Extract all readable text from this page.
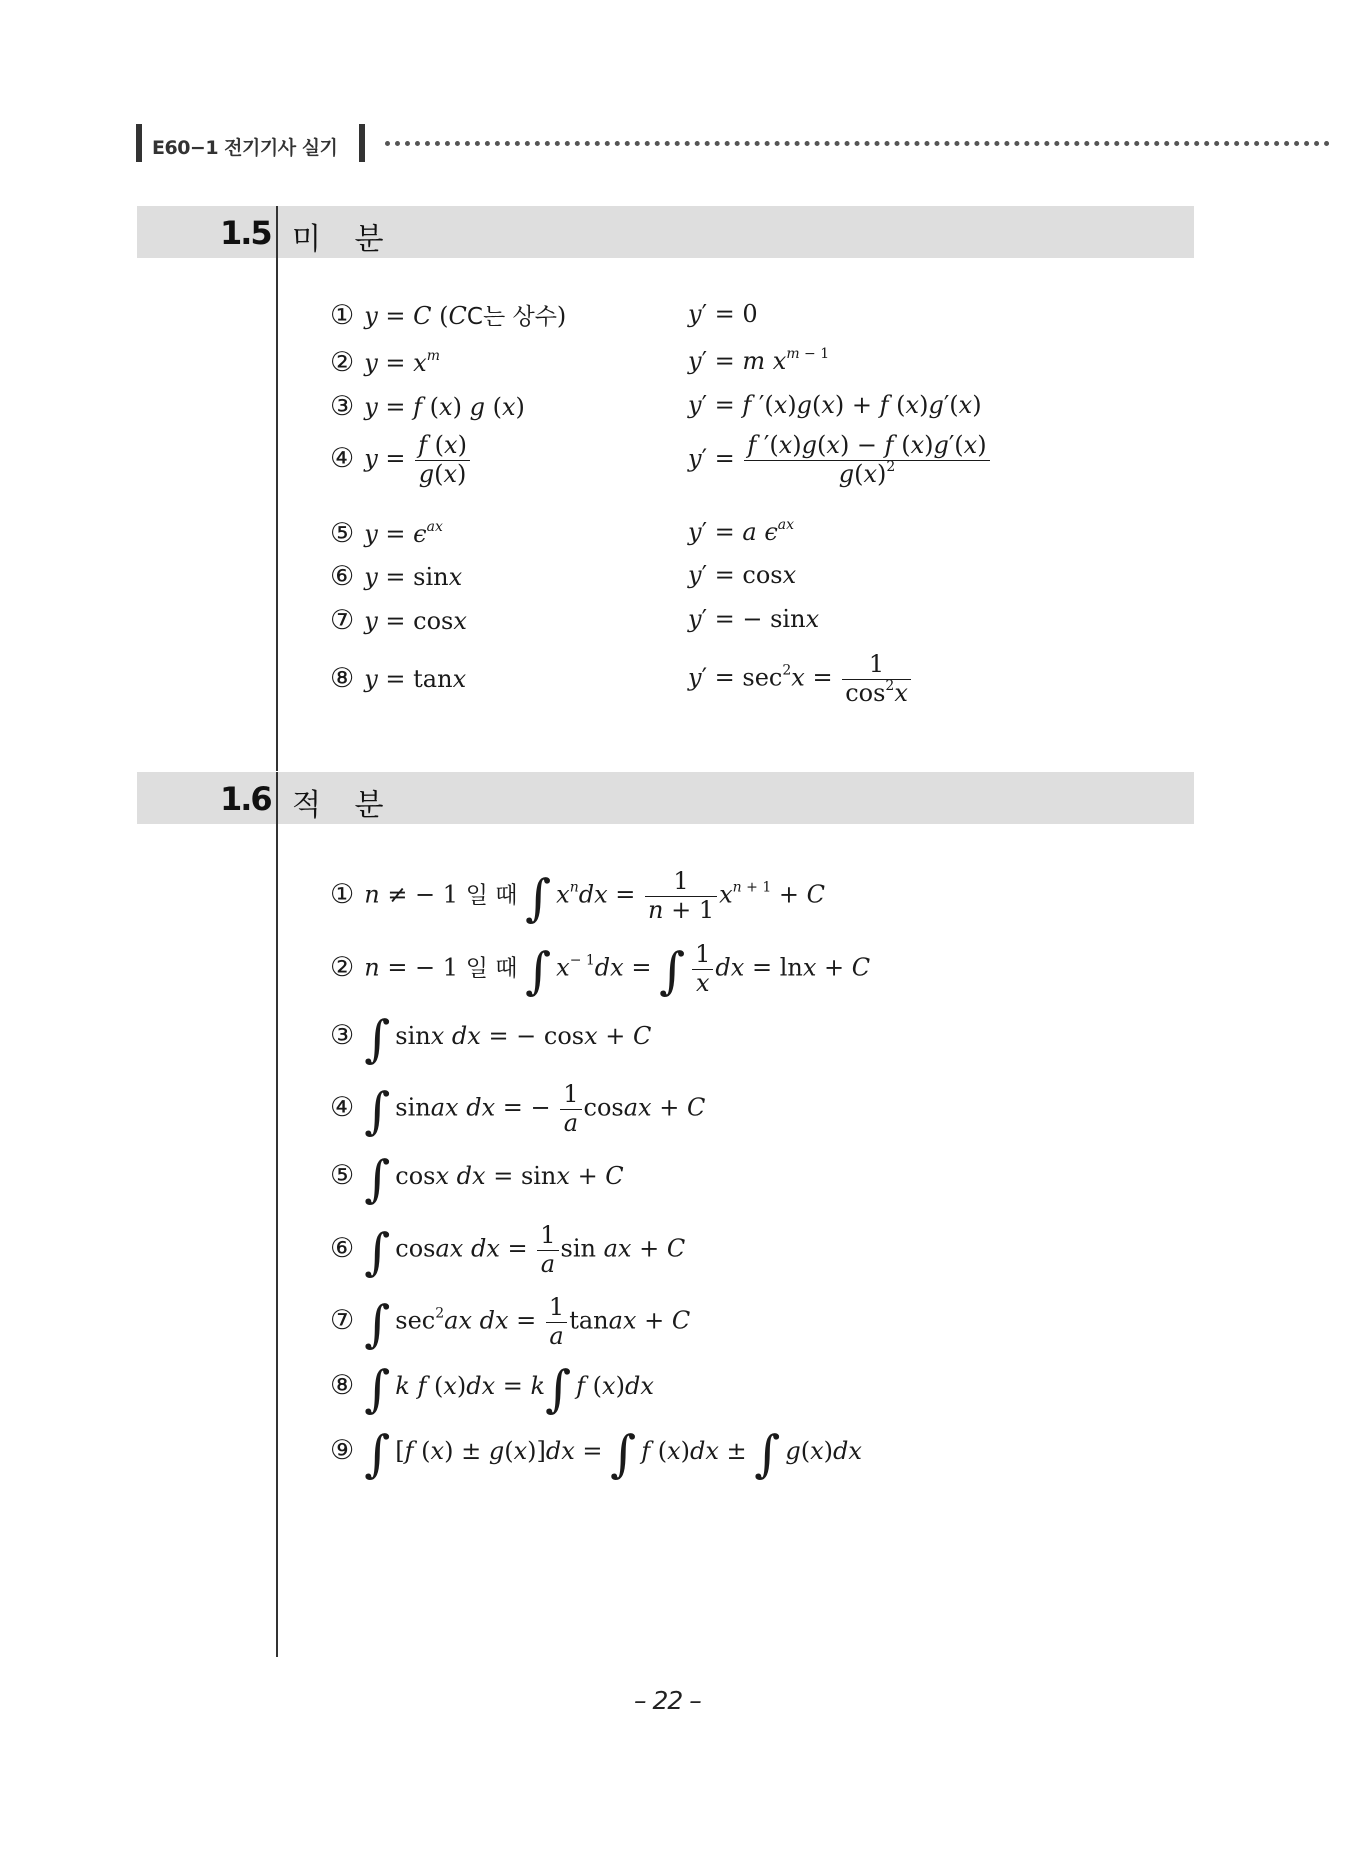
E60−1 전기기사 실기
1.5 미 분
① y = C (CC는 상수)
② $y = x^m$
③ y = f (x) g (x)
④ $y = \frac{f (x)}{g(x)}$
⑤ $y = \epsilon^{ax}$
⑥ y = sinx
⑦ y = cosx
⑧ y = tanx
y′ = 0
y′ = m $x^{m - 1}$
y′ = f ′(x)g(x) + f (x)g′(x)
$y' = \frac{f '(x)g(x) - f (x)g'(x)}{g(x)^2}$
y′ = a $\epsilon^{ax}$
y′ = cosx
y′ = − sinx
$y' = \sec^2x = \frac{1}{\cos^2x}$
1.6 적 분
① n ≠ − 1 일 때 ∫ $x^ndx = \frac{1}{n + 1} x^{n + 1} + C$
② n = − 1 일 때 ∫ $x^{- 1}dx$ = ∫ $\frac{1}{x}$ dx = lnx + C
③ ∫ sinx dx = − cosx + C
④ ∫ sinax dx = − $\frac{1}{a}$ cosax + C
⑤ ∫ cosx dx = sinx + C
⑥ ∫ cosax dx = $\frac{1}{a}$ sin ax + C
⑦ ∫ $\sec^2ax$ dx = $\frac{1}{a}$ tanax + C
⑧ ∫ k f (x)dx = k∫ f (x)dx
⑨ ∫ [f (x) ± g(x)]dx = ∫ f (x)dx ± ∫ g(x)dx
– 22 –
